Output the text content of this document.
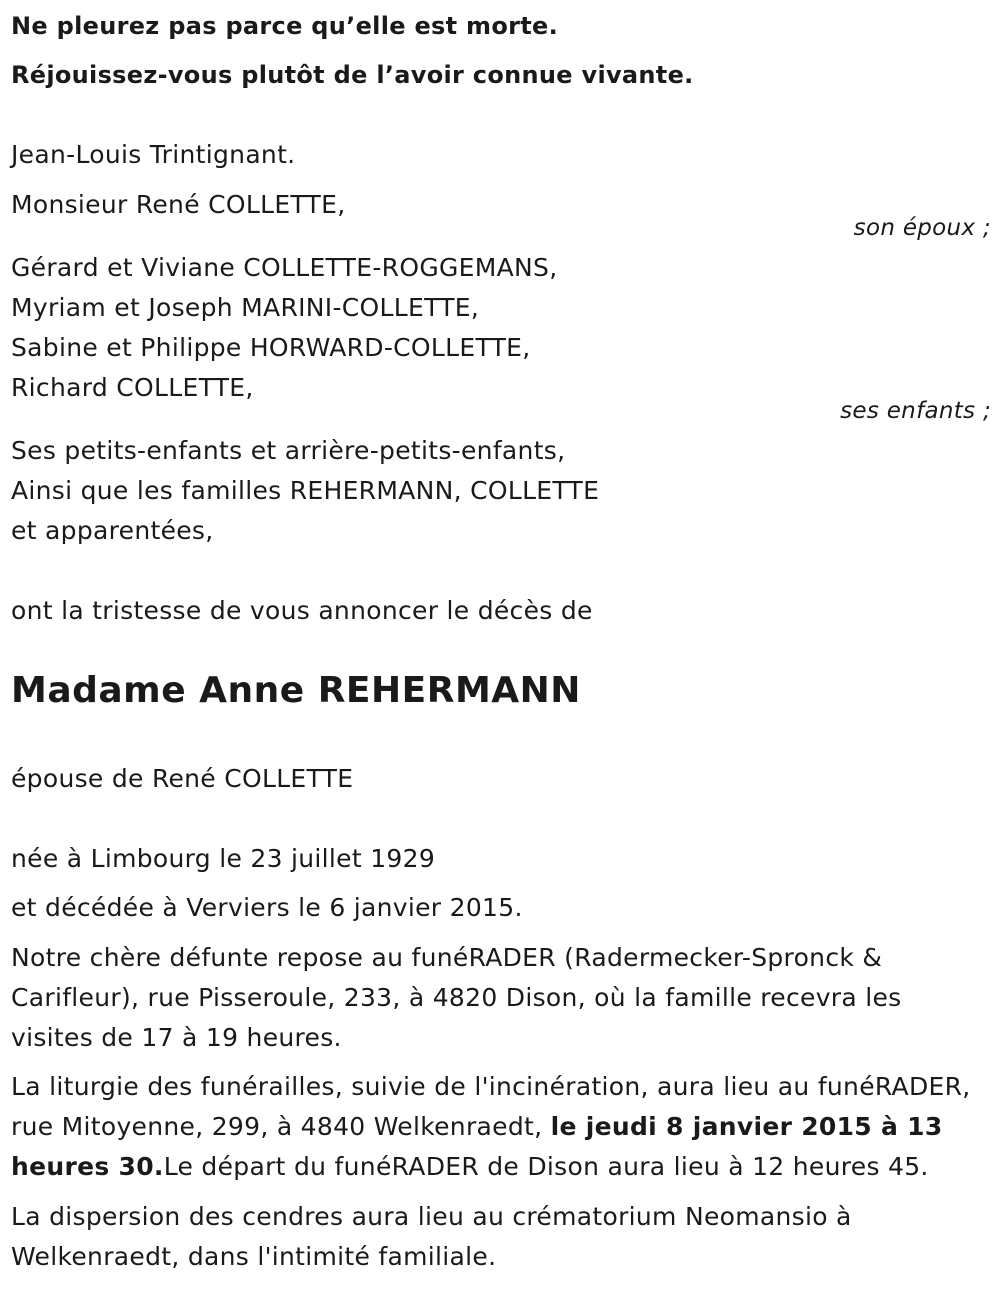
Ne pleurez pas parce qu’elle est morte.
Réjouissez-vous plutôt de l’avoir connue vivante.
Jean-Louis Trintignant.
Monsieur René COLLETTE,
son époux ;
Gérard et Viviane COLLETTE-ROGGEMANS,
Myriam et Joseph MARINI-COLLETTE,
Sabine et Philippe HORWARD-COLLETTE,
Richard COLLETTE,
ses enfants ;
Ses petits-enfants et arrière-petits-enfants,
Ainsi que les familles REHERMANN, COLLETTE
et apparentées,
ont la tristesse de vous annoncer le décès de
Madame Anne REHERMANN
épouse de René COLLETTE
née à Limbourg le 23 juillet 1929
et décédée à Verviers le 6 janvier 2015.
Notre chère défunte repose au funéRADER (Radermecker-Spronck & Carifleur), rue Pisseroule, 233, à 4820 Dison, où la famille recevra les visites de 17 à 19 heures.
La liturgie des funérailles, suivie de l'incinération, aura lieu au funéRADER, rue Mitoyenne, 299, à 4840 Welkenraedt, le jeudi 8 janvier 2015 à 13 heures 30.Le départ du funéRADER de Dison aura lieu à 12 heures 45.
La dispersion des cendres aura lieu au crématorium Neomansio à Welkenraedt, dans l'intimité familiale.
